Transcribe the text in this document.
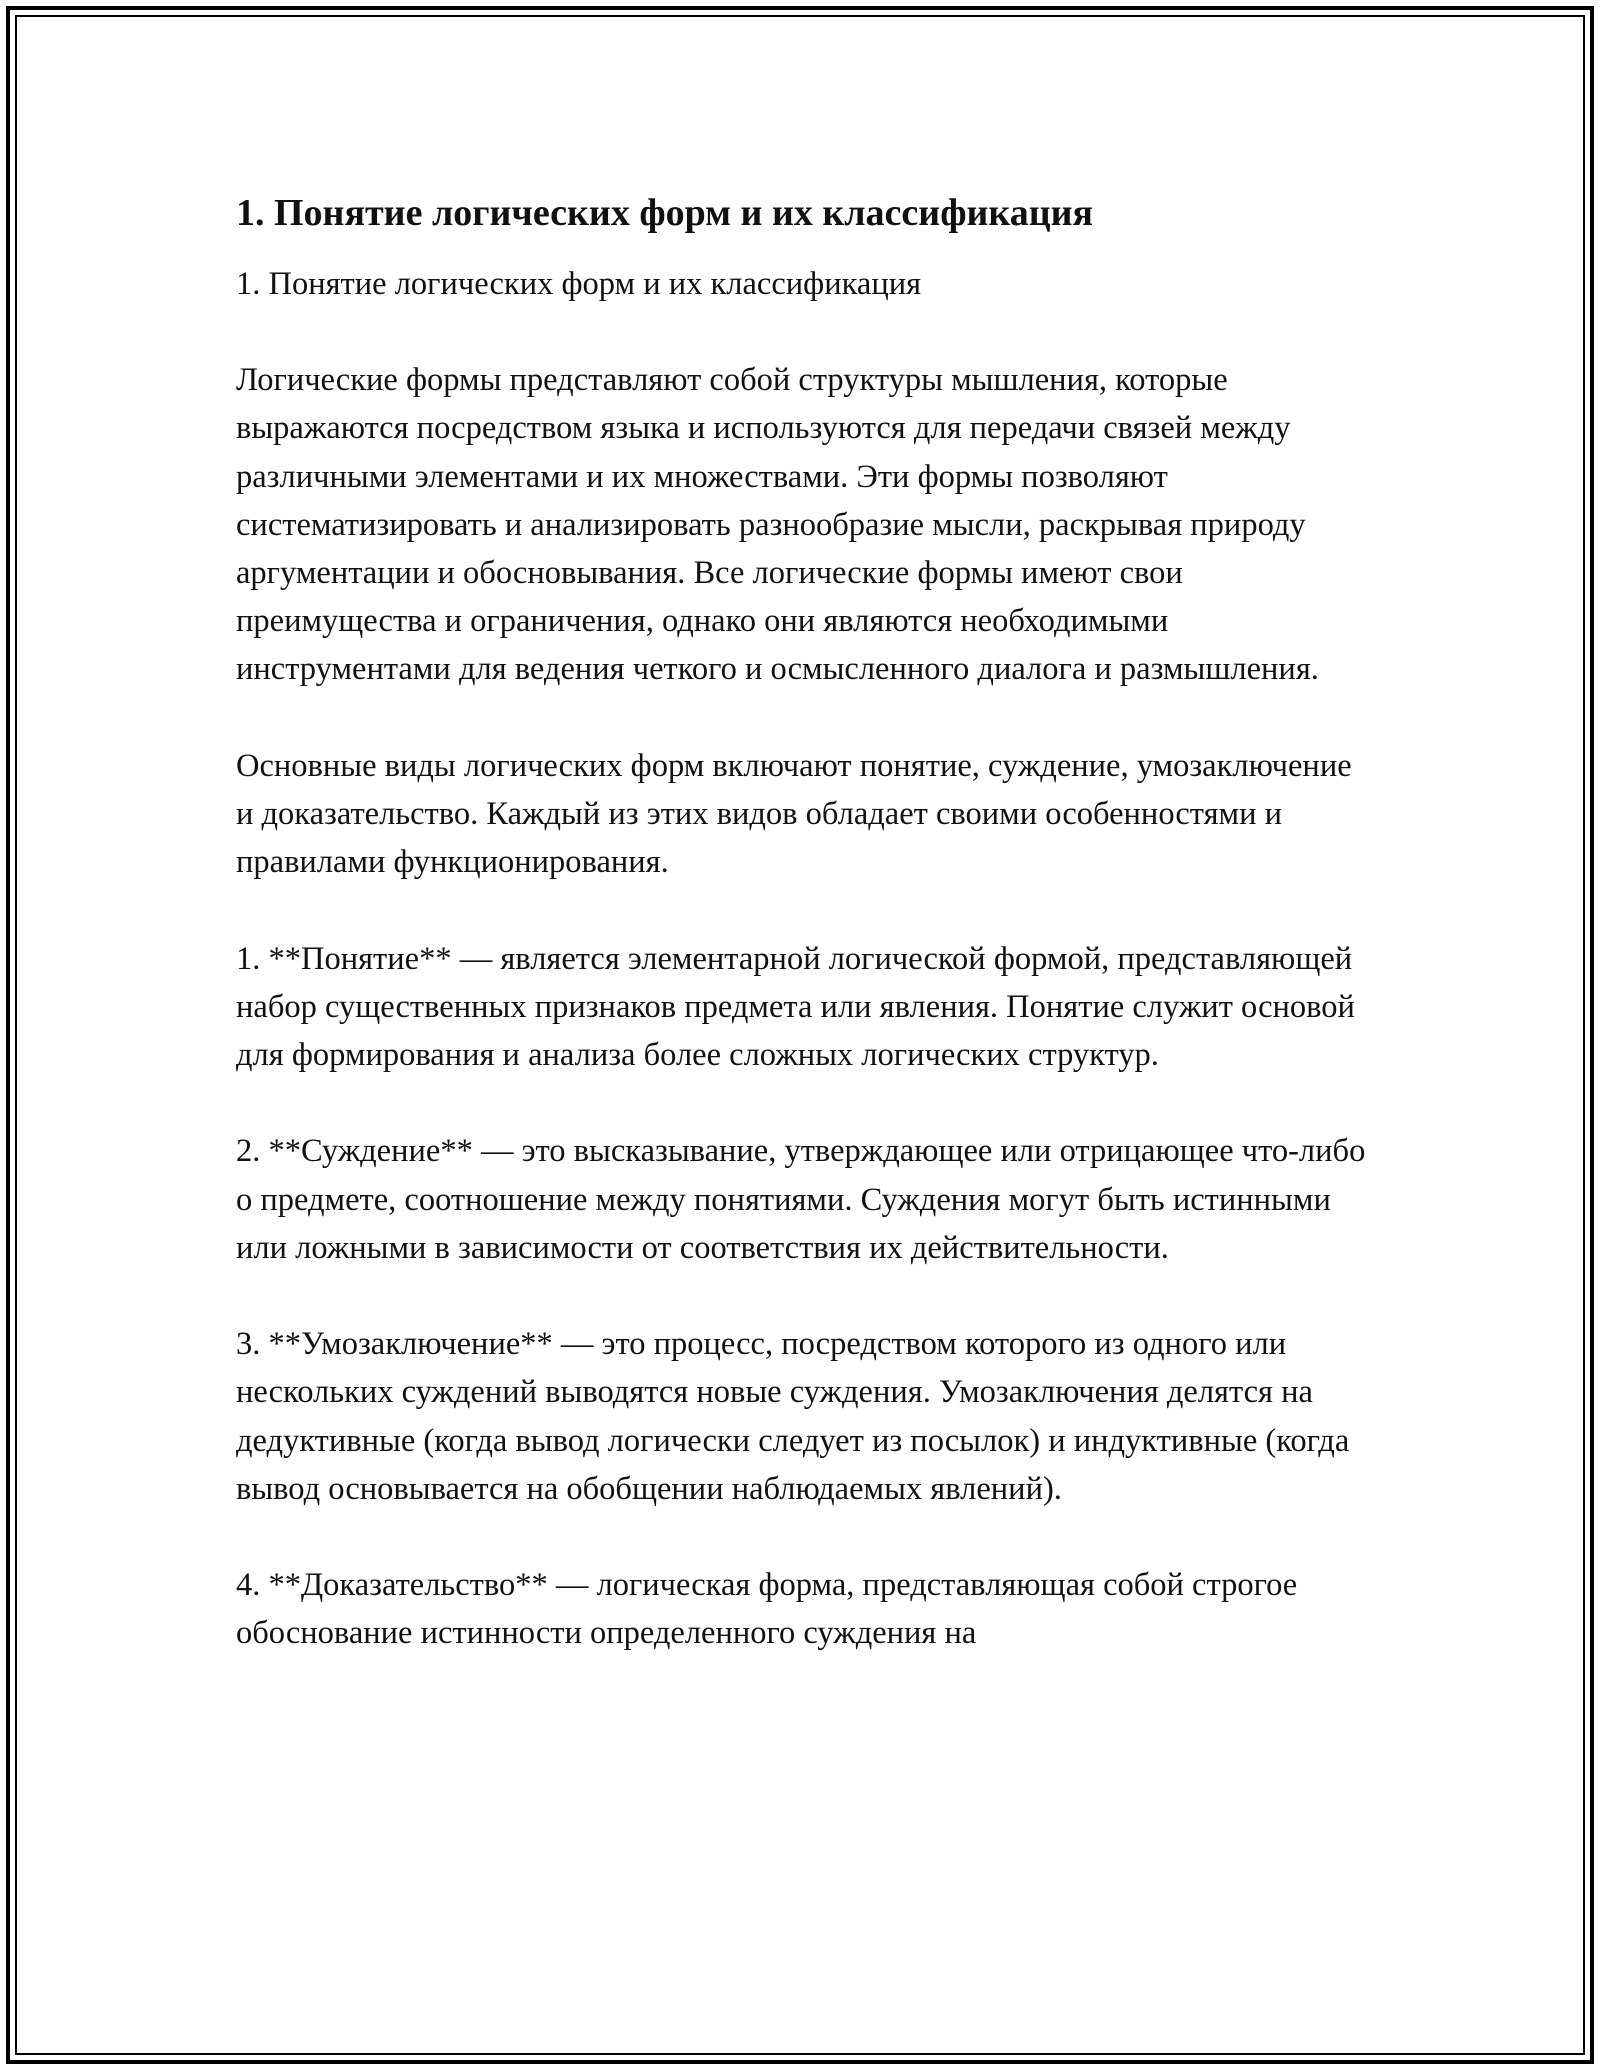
1. Понятие логических форм и их классификация

1. Понятие логических форм и их классификация

Логические формы представляют собой структуры мышления, которые выражаются посредством языка и используются для передачи связей между различными элементами и их множествами. Эти формы позволяют систематизировать и анализировать разнообразие мысли, раскрывая природу аргументации и обосновывания. Все логические формы имеют свои преимущества и ограничения, однако они являются необходимыми инструментами для ведения четкого и осмысленного диалога и размышления.

Основные виды логических форм включают понятие, суждение, умозаключение и доказательство. Каждый из этих видов обладает своими особенностями и правилами функционирования.

1. **Понятие** — является элементарной логической формой, представляющей набор существенных признаков предмета или явления. Понятие служит основой для формирования и анализа более сложных логических структур.

2. **Суждение** — это высказывание, утверждающее или отрицающее что-либо о предмете, соотношение между понятиями. Суждения могут быть истинными или ложными в зависимости от соответствия их действительности.

3. **Умозаключение** — это процесс, посредством которого из одного или нескольких суждений выводятся новые суждения. Умозаключения делятся на дедуктивные (когда вывод логически следует из посылок) и индуктивные (когда вывод основывается на обобщении наблюдаемых явлений).

4. **Доказательство** — логическая форма, представляющая собой строгое обоснование истинности определенного суждения на
